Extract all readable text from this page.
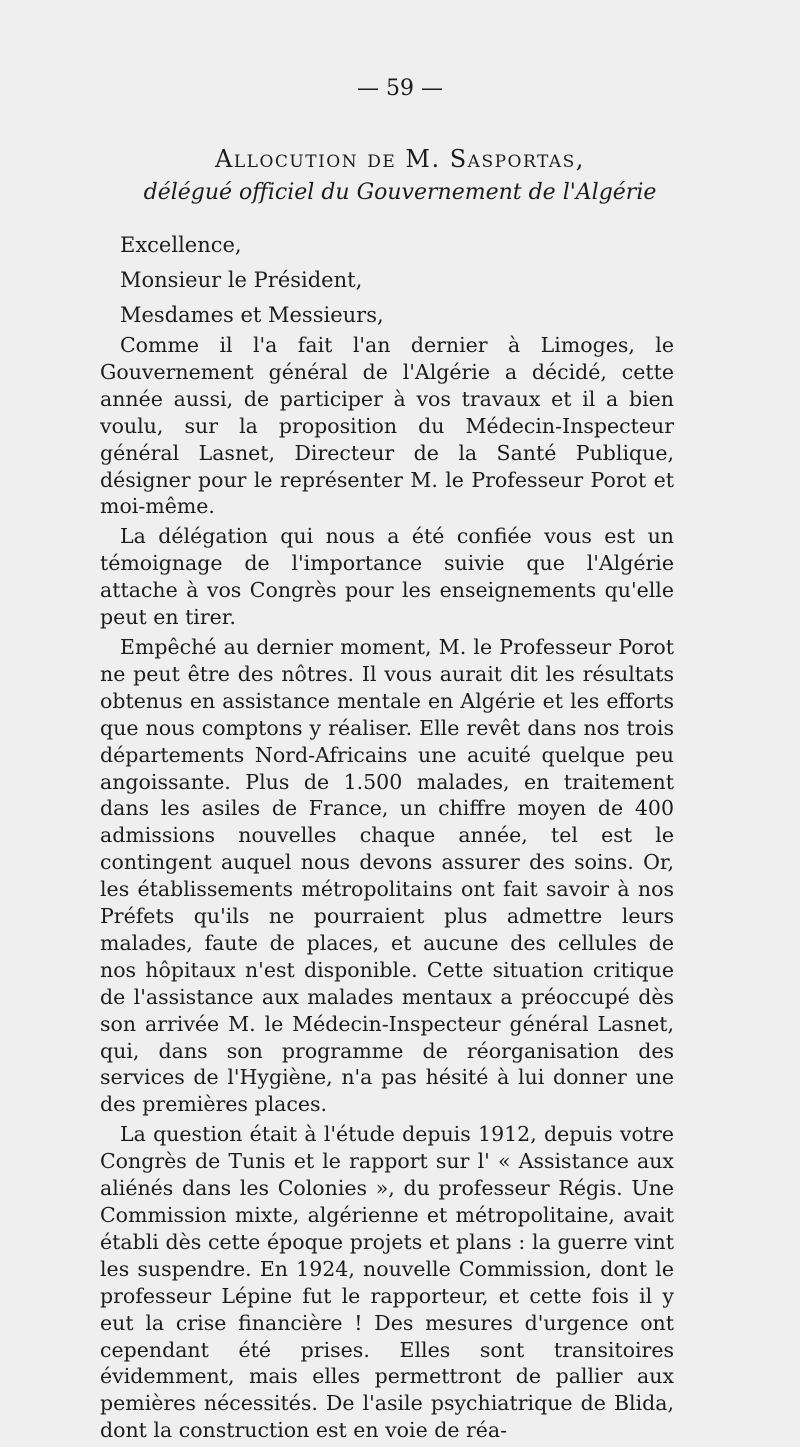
— 59 —

Allocution de M. Sasportas,

délégué officiel du Gouvernement de l'Algérie

Excellence,
Monsieur le Président,
Mesdames et Messieurs,

Comme il l'a fait l'an dernier à Limoges, le Gouvernement général de l'Algérie a décidé, cette année aussi, de participer à vos travaux et il a bien voulu, sur la proposition du Médecin-Inspecteur général Lasnet, Directeur de la Santé Publique, désigner pour le représenter M. le Professeur Porot et moi-même.

La délégation qui nous a été confiée vous est un témoignage de l'importance suivie que l'Algérie attache à vos Congrès pour les enseignements qu'elle peut en tirer.

Empêché au dernier moment, M. le Professeur Porot ne peut être des nôtres. Il vous aurait dit les résultats obtenus en assistance mentale en Algérie et les efforts que nous comptons y réaliser. Elle revêt dans nos trois départements Nord-Africains une acuité quelque peu angoissante. Plus de 1.500 malades, en traitement dans les asiles de France, un chiffre moyen de 400 admissions nouvelles chaque année, tel est le contingent auquel nous devons assurer des soins. Or, les établissements métropolitains ont fait savoir à nos Préfets qu'ils ne pourraient plus admettre leurs malades, faute de places, et aucune des cellules de nos hôpitaux n'est disponible. Cette situation critique de l'assistance aux malades mentaux a préoccupé dès son arrivée M. le Médecin-Inspecteur général Lasnet, qui, dans son programme de réorganisation des services de l'Hygiène, n'a pas hésité à lui donner une des premières places.

La question était à l'étude depuis 1912, depuis votre Congrès de Tunis et le rapport sur l' « Assistance aux aliénés dans les Colonies », du professeur Régis. Une Commission mixte, algérienne et métropolitaine, avait établi dès cette époque projets et plans : la guerre vint les suspendre. En 1924, nouvelle Commission, dont le professeur Lépine fut le rapporteur, et cette fois il y eut la crise financière ! Des mesures d'urgence ont cependant été prises. Elles sont transitoires évidemment, mais elles permettront de pallier aux pemières nécessités. De l'asile psychiatrique de Blida, dont la construction est en voie de réa-
